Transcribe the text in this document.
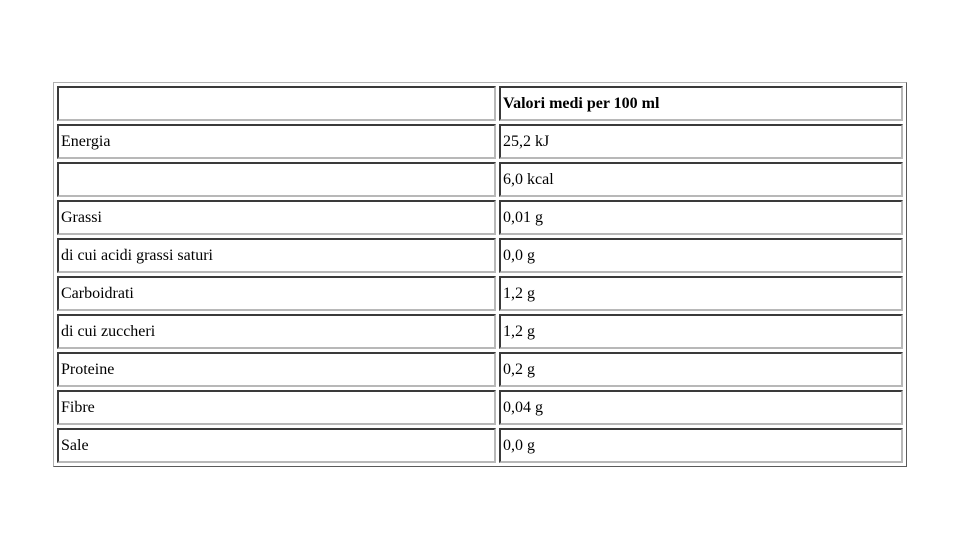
	Valori medi per 100 ml
Energia	25,2 kJ
	6,0 kcal
Grassi	0,01 g
di cui acidi grassi saturi	0,0 g
Carboidrati	1,2 g
di cui zuccheri	1,2 g
Proteine	0,2 g
Fibre	0,04 g
Sale	0,0 g
